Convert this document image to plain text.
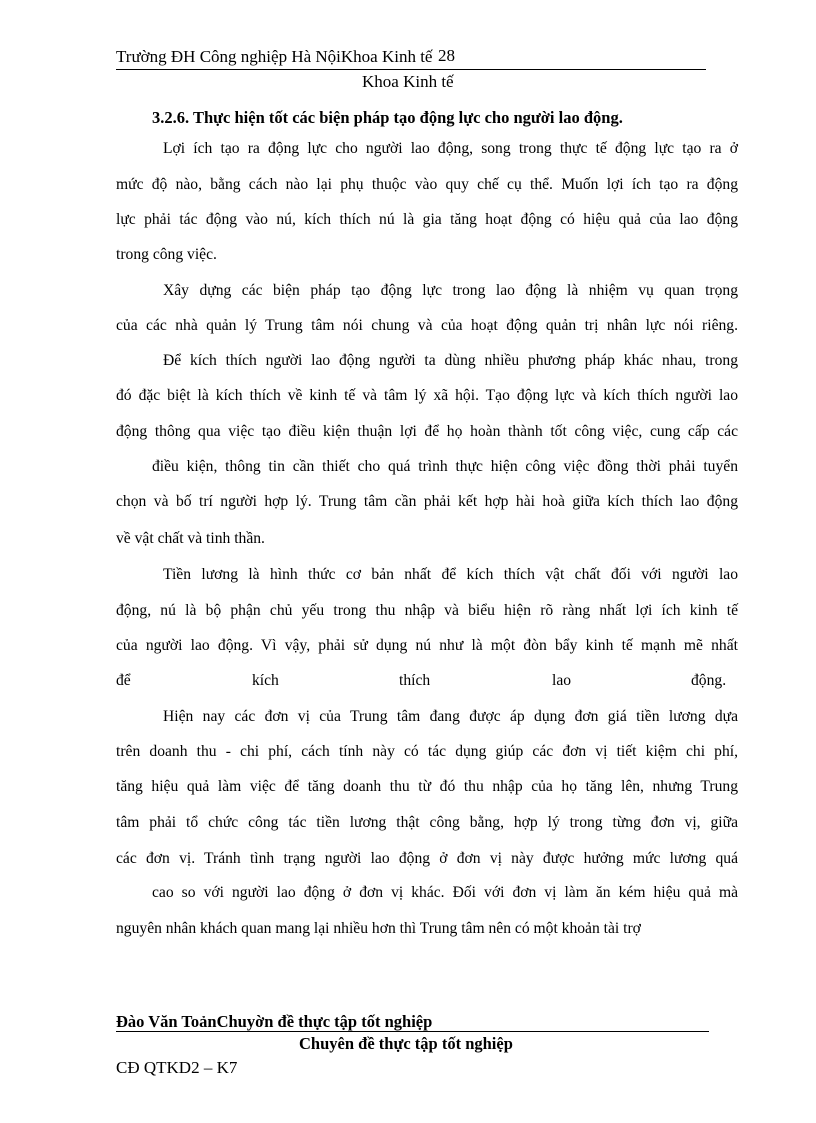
Trường ĐH Công nghiệp Hà NộiKhoa Kinh tế 28
Khoa Kinh tế
3.2.6. Thực hiện tốt các biện pháp tạo động lực cho người lao động.
Lợi ích tạo ra động lực cho người lao động, song trong thực tế động lực tạo ra ở
mức độ nào, bằng cách nào lại phụ thuộc vào quy chế cụ thể. Muốn lợi ích tạo ra động
lực phải tác động vào nú, kích thích nú là gia tăng hoạt động có hiệu quả của lao động
trong công việc.
Xây dựng các biện pháp tạo động lực trong lao động là nhiệm vụ quan trọng
của các nhà quản lý Trung tâm nói chung và của hoạt động quản trị nhân lực nói riêng.
Để kích thích người lao động người ta dùng nhiều phương pháp khác nhau, trong
đó đặc biệt là kích thích về kinh tế và tâm lý xã hội. Tạo động lực và kích thích người lao
động thông qua việc tạo điều kiện thuận lợi để họ hoàn thành tốt công việc, cung cấp các
điều kiện, thông tin cần thiết cho quá trình thực hiện công việc đồng thời phải tuyển
chọn và bố trí người hợp lý. Trung tâm cần phải kết hợp hài hoà giữa kích thích lao động
về vật chất và tinh thần.
Tiền lương là hình thức cơ bản nhất để kích thích vật chất đối với người lao
động, nú là bộ phận chủ yếu trong thu nhập và biểu hiện rõ ràng nhất lợi ích kinh tế
của người lao động. Vì vậy, phải sử dụng nú như là một đòn bẩy kinh tế mạnh mẽ nhất
để	kích	thích	lao	động.
Hiện nay các đơn vị của Trung tâm đang được áp dụng đơn giá tiền lương dựa
trên doanh thu - chi phí, cách tính này có tác dụng giúp các đơn vị tiết kiệm chi phí,
tăng hiệu quả làm việc để tăng doanh thu từ đó thu nhập của họ tăng lên, nhưng Trung
tâm phải tổ chức công tác tiền lương thật công bằng, hợp lý trong từng đơn vị, giữa
các đơn vị. Tránh tình trạng người lao động ở đơn vị này được hưởng mức lương quá
cao so với người lao động ở đơn vị khác. Đối với đơn vị làm ăn kém hiệu quả mà
nguyên nhân khách quan mang lại nhiều hơn thì Trung tâm nên có một khoản tài trợ
Đào Văn ToảnChuyờn đề thực tập tốt nghiệp
Chuyên đề thực tập tốt nghiệp
CĐ QTKD2 – K7
